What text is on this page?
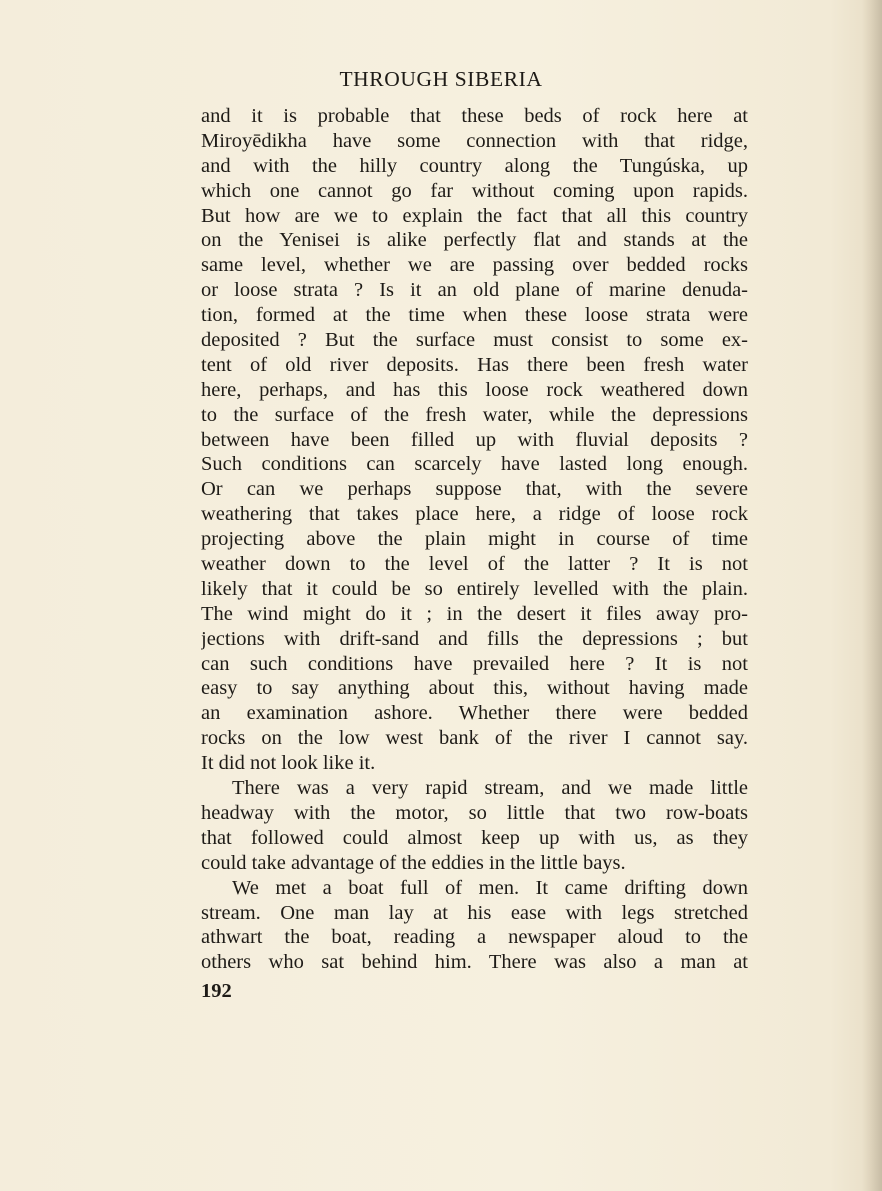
THROUGH SIBERIA
and it is probable that these beds of rock here at
Miroyēdikha have some connection with that ridge,
and with the hilly country along the Tungúska, up
which one cannot go far without coming upon rapids.
But how are we to explain the fact that all this country
on the Yenisei is alike perfectly flat and stands at the
same level, whether we are passing over bedded rocks
or loose strata ? Is it an old plane of marine denuda-
tion, formed at the time when these loose strata were
deposited ? But the surface must consist to some ex-
tent of old river deposits. Has there been fresh water
here, perhaps, and has this loose rock weathered down
to the surface of the fresh water, while the depressions
between have been filled up with fluvial deposits ?
Such conditions can scarcely have lasted long enough.
Or can we perhaps suppose that, with the severe
weathering that takes place here, a ridge of loose rock
projecting above the plain might in course of time
weather down to the level of the latter ? It is not
likely that it could be so entirely levelled with the plain.
The wind might do it ; in the desert it files away pro-
jections with drift-sand and fills the depressions ; but
can such conditions have prevailed here ? It is not
easy to say anything about this, without having made
an examination ashore. Whether there were bedded
rocks on the low west bank of the river I cannot say.
It did not look like it.
There was a very rapid stream, and we made little
headway with the motor, so little that two row-boats
that followed could almost keep up with us, as they
could take advantage of the eddies in the little bays.
We met a boat full of men. It came drifting down
stream. One man lay at his ease with legs stretched
athwart the boat, reading a newspaper aloud to the
others who sat behind him. There was also a man at
192
